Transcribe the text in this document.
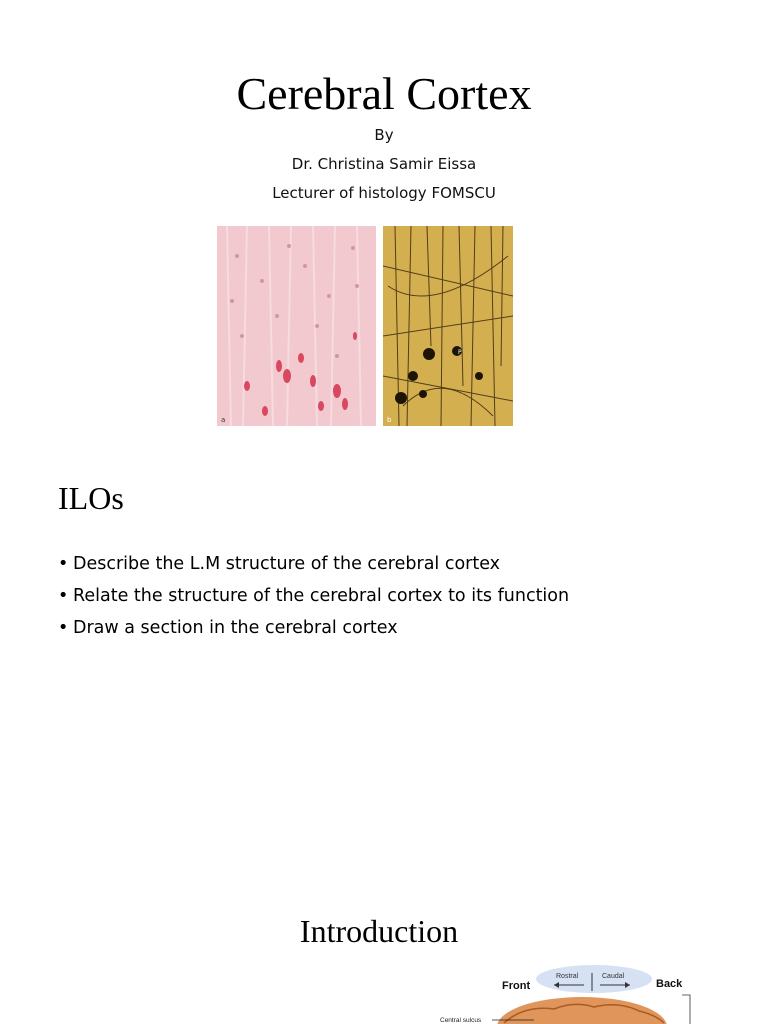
Cerebral Cortex
By
Dr. Christina Samir Eissa
Lecturer of histology FOMSCU
a	b
P
ILOs
• Describe the L.M structure of the cerebral cortex
• Relate the structure of the cerebral cortex to its function
• Draw a section in the cerebral cortex
Introduction
Front	Back
Rostral	Caudal
Central sulcus
